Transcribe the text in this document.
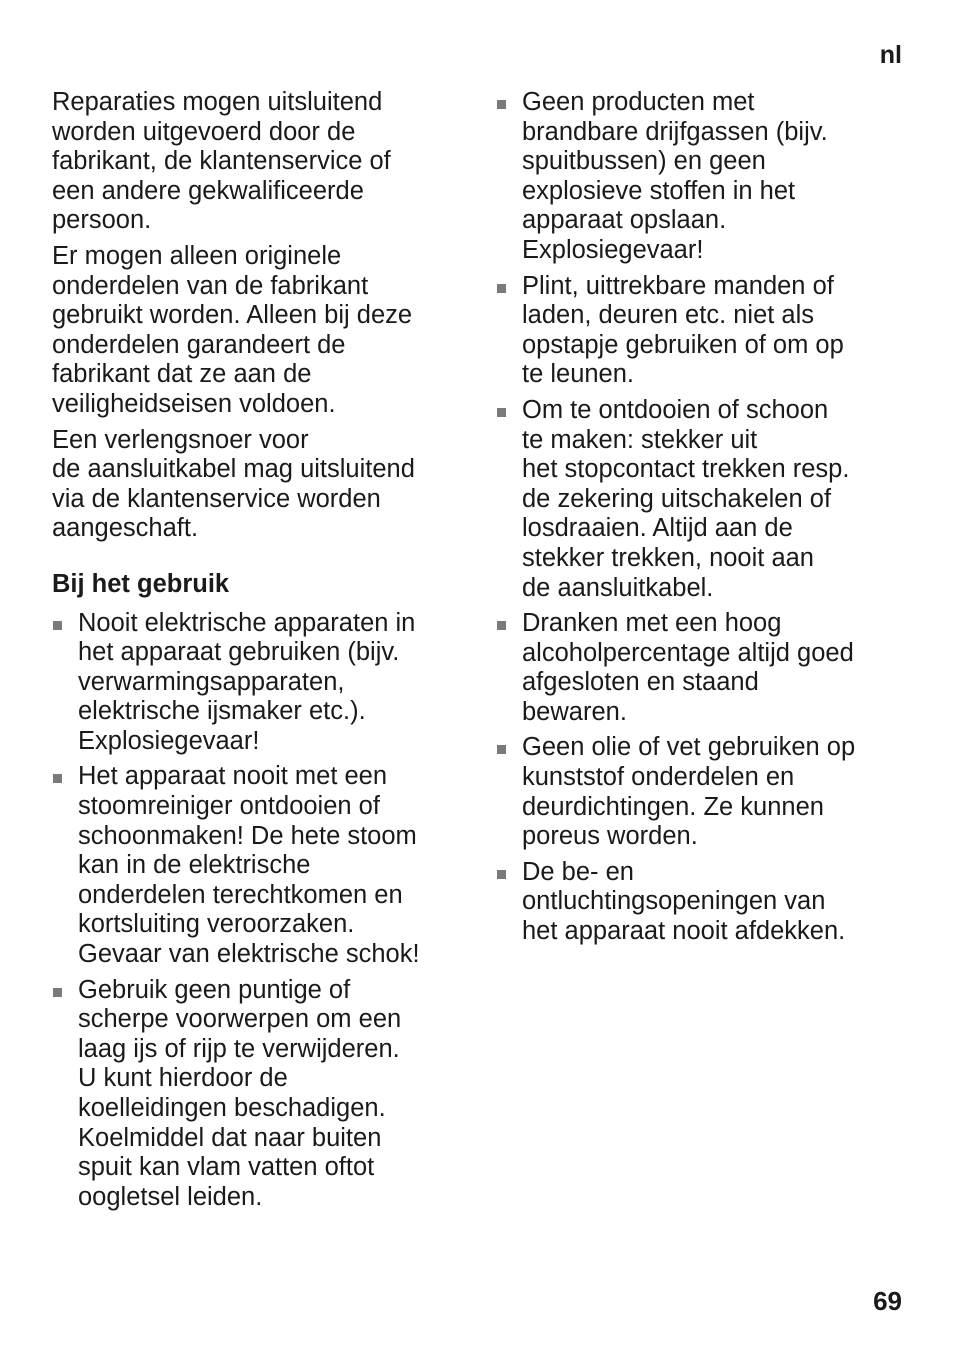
nl

Reparaties mogen uitsluitend
worden uitgevoerd door de
fabrikant, de klantenservice of
een andere gekwalificeerde
persoon.

Er mogen alleen originele
onderdelen van de fabrikant
gebruikt worden. Alleen bij deze
onderdelen garandeert de
fabrikant dat ze aan de
veiligheidseisen voldoen.

Een verlengsnoer voor
de aansluitkabel mag uitsluitend
via de klantenservice worden
aangeschaft.

Bij het gebruik
Nooit elektrische apparaten in
het apparaat gebruiken (bijv.
verwarmingsapparaten,
elektrische ijsmaker etc.).
Explosiegevaar!
Het apparaat nooit met een
stoomreiniger ontdooien of
schoonmaken! De hete stoom
kan in de elektrische
onderdelen terechtkomen en
kortsluiting veroorzaken.
Gevaar van elektrische schok!
Gebruik geen puntige of
scherpe voorwerpen om een
laag ijs of rijp te verwijderen.
U kunt hierdoor de
koelleidingen beschadigen.
Koelmiddel dat naar buiten
spuit kan vlam vatten oftot
oogletsel leiden.
Geen producten met
brandbare drijfgassen (bijv.
spuitbussen) en geen
explosieve stoffen in het
apparaat opslaan.
Explosiegevaar!
Plint, uittrekbare manden of
laden, deuren etc. niet als
opstapje gebruiken of om op
te leunen.
Om te ontdooien of schoon
te maken: stekker uit
het stopcontact trekken resp.
de zekering uitschakelen of
losdraaien. Altijd aan de
stekker trekken, nooit aan
de aansluitkabel.
Dranken met een hoog
alcoholpercentage altijd goed
afgesloten en staand
bewaren.
Geen olie of vet gebruiken op
kunststof onderdelen en
deurdichtingen. Ze kunnen
poreus worden.
De be- en
ontluchtingsopeningen van
het apparaat nooit afdekken.
69
